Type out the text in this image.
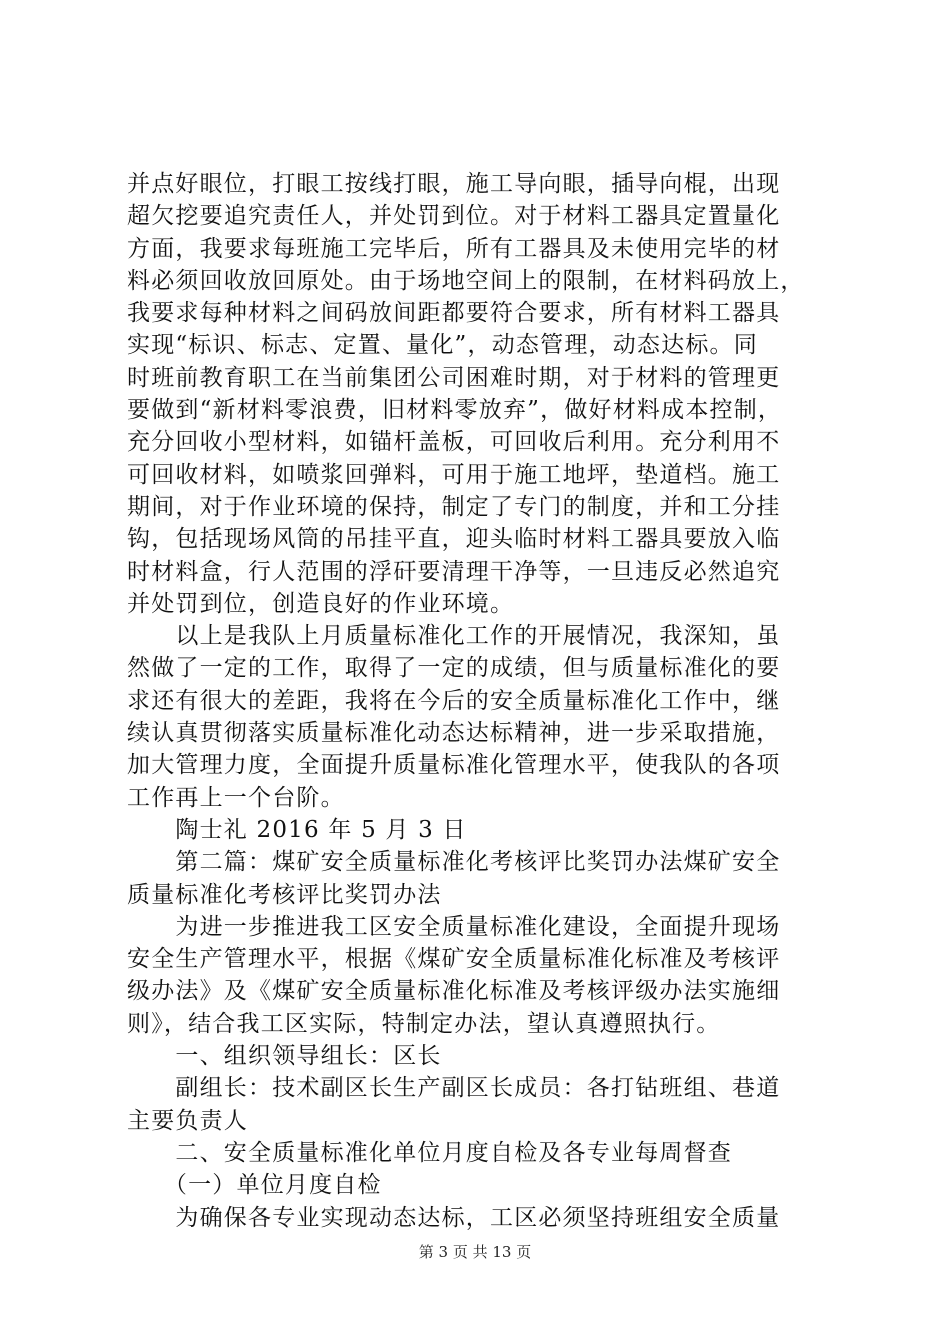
并点好眼位，打眼工按线打眼，施工导向眼，插导向棍，出现
超欠挖要追究责任人，并处罚到位。对于材料工器具定置量化
方面，我要求每班施工完毕后，所有工器具及未使用完毕的材
料必须回收放回原处。由于场地空间上的限制，在材料码放上，
我要求每种材料之间码放间距都要符合要求，所有材料工器具
实现“标识、标志、定置、量化”，动态管理，动态达标。同
时班前教育职工在当前集团公司困难时期，对于材料的管理更
要做到“新材料零浪费，旧材料零放弃”，做好材料成本控制，
充分回收小型材料，如锚杆盖板，可回收后利用。充分利用不
可回收材料，如喷浆回弹料，可用于施工地坪，垫道档。施工
期间，对于作业环境的保持，制定了专门的制度，并和工分挂
钩，包括现场风筒的吊挂平直，迎头临时材料工器具要放入临
时材料盒，行人范围的浮矸要清理干净等，一旦违反必然追究
并处罚到位，创造良好的作业环境。
　　以上是我队上月质量标准化工作的开展情况，我深知，虽
然做了一定的工作，取得了一定的成绩，但与质量标准化的要
求还有很大的差距，我将在今后的安全质量标准化工作中，继
续认真贯彻落实质量标准化动态达标精神，进一步采取措施，
加大管理力度，全面提升质量标准化管理水平，使我队的各项
工作再上一个台阶。
　　陶士礼 2016 年 5 月 3 日
　　第二篇：煤矿安全质量标准化考核评比奖罚办法煤矿安全
质量标准化考核评比奖罚办法
　　为进一步推进我工区安全质量标准化建设，全面提升现场
安全生产管理水平，根据《煤矿安全质量标准化标准及考核评
级办法》及《煤矿安全质量标准化标准及考核评级办法实施细
则》，结合我工区实际，特制定办法，望认真遵照执行。
　　一、组织领导组长：区长
　　副组长：技术副区长生产副区长成员：各打钻班组、巷道
主要负责人
　　二、安全质量标准化单位月度自检及各专业每周督查
　　（一）单位月度自检
　　为确保各专业实现动态达标，工区必须坚持班组安全质量
第 3 页 共 13 页
